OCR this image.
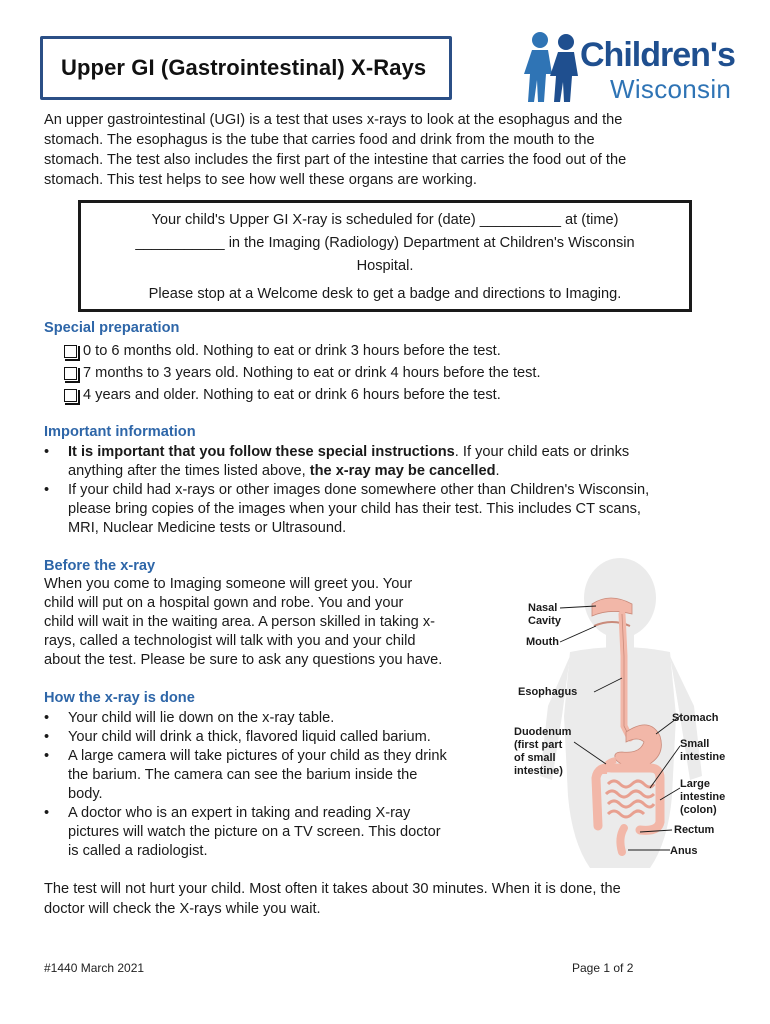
Upper GI (Gastrointestinal) X-Rays	Children's
Wisconsin
An upper gastrointestinal (UGI) is a test that uses x-rays to look at the esophagus and the
stomach. The esophagus is the tube that carries food and drink from the mouth to the
stomach. The test also includes the first part of the intestine that carries the food out of the
stomach. This test helps to see how well these organs are working.
Your child's Upper GI X-ray is scheduled for (date) __________ at (time)
___________ in the Imaging (Radiology) Department at Children's Wisconsin
Hospital.
Please stop at a Welcome desk to get a badge and directions to Imaging.
Special preparation
0 to 6 months old. Nothing to eat or drink 3 hours before the test.
7 months to 3 years old. Nothing to eat or drink 4 hours before the test.
4 years and older. Nothing to eat or drink 6 hours before the test.
Important information
• It is important that you follow these special instructions. If your child eats or drinks
anything after the times listed above, the x-ray may be cancelled.
• If your child had x-rays or other images done somewhere other than Children's Wisconsin,
please bring copies of the images when your child has their test. This includes CT scans,
MRI, Nuclear Medicine tests or Ultrasound.
Before the x-ray
When you come to Imaging someone will greet you. Your
child will put on a hospital gown and robe. You and your
child will wait in the waiting area. A person skilled in taking x-
rays, called a technologist will talk with you and your child
about the test. Please be sure to ask any questions you have.
How the x-ray is done
• Your child will lie down on the x-ray table.
• Your child will drink a thick, flavored liquid called barium.
• A large camera will take pictures of your child as they drink
the barium. The camera can see the barium inside the
body.
• A doctor who is an expert in taking and reading X-ray
pictures will watch the picture on a TV screen. This doctor
is called a radiologist.
The test will not hurt your child. Most often it takes about 30 minutes. When it is done, the
doctor will check the X-rays while you wait.
#1440 March 2021	Page 1 of 2
Nasal
Cavity
Mouth
Esophagus
Duodenum
(first part
of small
intestine)
Stomach
Small
intestine
Large
intestine
(colon)
Rectum
Anus
